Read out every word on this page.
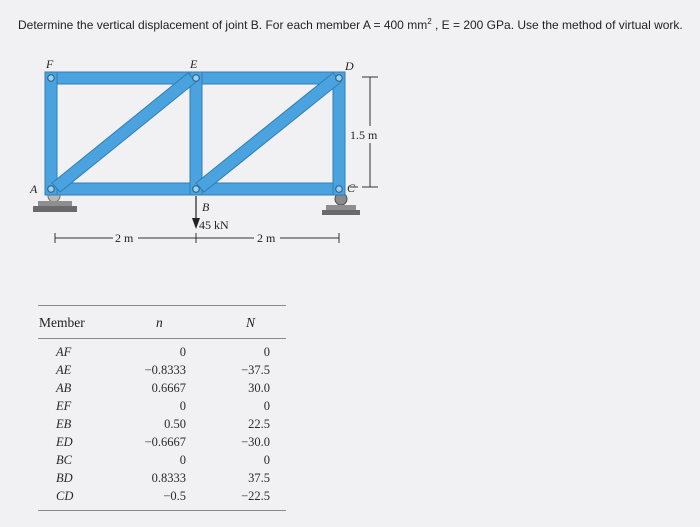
Determine the vertical displacement of joint B. For each member A = 400 $mm^2$ , E = 200 GPa. Use the method of virtual work.
F	E	D
A
B
C
45 kN
1.5 m
2 m	2 m
Member	n	N
AF	0	0
AE	−0.8333	−37.5
AB	0.6667	30.0
EF	0	0
EB	0.50	22.5
ED	−0.6667	−30.0
BC	0	0
BD	0.8333	37.5
CD	−0.5	−22.5
